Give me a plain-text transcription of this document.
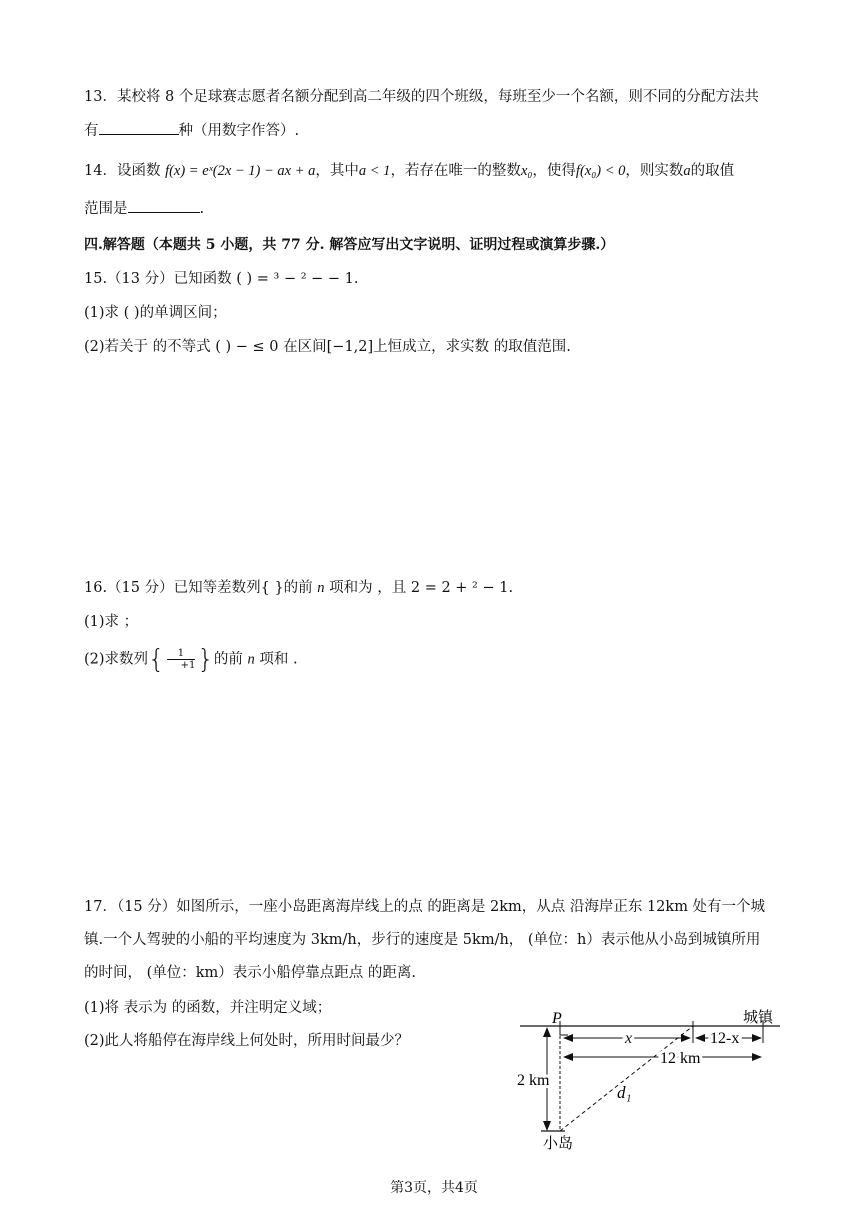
13．某校将 8 个足球赛志愿者名额分配到高二年级的四个班级，每班至少一个名额，则不同的分配方法共
有	种（用数字作答）.
14．设函数 f(x) = eˣ(2x − 1) − ax + a，其中a < 1，若存在唯一的整数x₀，使得f(x₀) < 0，则实数a的取值
范围是	.
四.解答题（本题共 5 小题，共 77 分. 解答应写出文字说明、证明过程或演算步骤.）
15.（13 分）已知函数 ( ) = ³ − ² − − 1.
(1)求 ( )的单调区间；
(2)若关于 的不等式 ( ) − ≤ 0 在区间[−1,2]上恒成立，求实数 的取值范围.
16.（15 分）已知等差数列{ }的前 n 项和为 ，且 2 = 2 + ² − 1.
(1)求 ；
(2)求数列{ $\frac{1}{+1}$ }的前 n 项和 .
17．（15 分）如图所示，一座小岛距离海岸线上的点 的距离是 2km，从点 沿海岸正东 12km 处有一个城
镇.一个人驾驶的小船的平均速度为 3km/h，步行的速度是 5km/h， (单位：h）表示他从小岛到城镇所用
的时间， (单位：km）表示小船停靠点距点 的距离.
(1)将 表示为 的函数，并注明定义域；
(2)此人将船停在海岸线上何处时，所用时间最少？
P	城镇
x	12-x
12 km
2 km
d₁
小岛
第3页，共4页
